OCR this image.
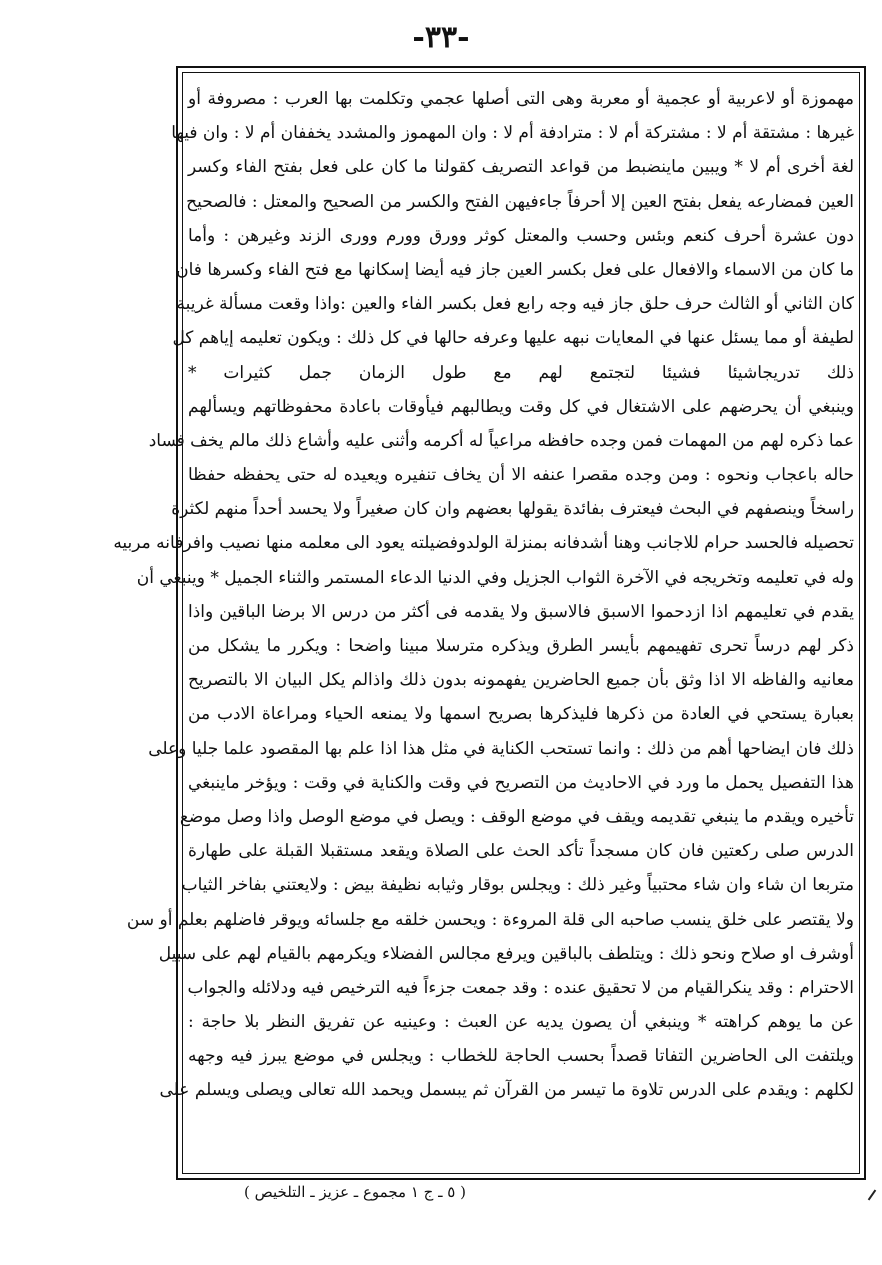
-٣٣-
مهموزة أو لاعربية أو عجمية أو معربة وهى التى أصلها عجمي وتكلمت بها العرب : مصروفة أو
غيرها : مشتقة أم لا : مشتركة أم لا : مترادفة أم لا : وان المهموز والمشدد يخففان أم لا : وان فيها
لغة أخرى أم لا * ويبين ماينضبط من قواعد التصريف كقولنا ما كان على فعل بفتح الفاء وكسر
العين فمضارعه يفعل بفتح العين إلا أحرفاً جاءفيهن الفتح والكسر من الصحيح والمعتل : فالصحيح
دون عشرة أحرف كنعم وبئس وحسب والمعتل كوثر وورق وورم وورى الزند وغيرهن : وأما
ما كان من الاسماء والافعال على فعل بكسر العين جاز فيه أيضا إسكانها مع فتح الفاء وكسرها فان
كان الثاني أو الثالث حرف حلق جاز فيه وجه رابع فعل بكسر الفاء والعين :واذا وقعت مسألة غريبة
لطيفة أو مما يسئل عنها في المعايات نبهه عليها وعرفه حالها في كل ذلك : ويكون تعليمه إياهم كل
ذلك تدريجاشيئا فشيئا لتجتمع لهم مع طول الزمان جمل كثيرات *
وينبغي أن يحرضهم على الاشتغال في كل وقت ويطالبهم فيأوقات باعادة محفوظاتهم ويسألهم
عما ذكره لهم من المهمات فمن وجده حافظه مراعياً له أكرمه وأثنى عليه وأشاع ذلك مالم يخف فساد
حاله باعجاب ونحوه : ومن وجده مقصرا عنفه الا أن يخاف تنفيره ويعيده له حتى يحفظه حفظا
راسخاً وينصفهم في البحث فيعترف بفائدة يقولها بعضهم وان كان صغيراً ولا يحسد أحداً منهم لكثرة
تحصيله فالحسد حرام للاجانب وهنا أشدفانه بمنزلة الولدوفضيلته يعود الى معلمه منها نصيب وافرفانه مربيه
وله في تعليمه وتخريجه في الآخرة الثواب الجزيل وفي الدنيا الدعاء المستمر والثناء الجميل * وينبغي أن
يقدم في تعليمهم اذا ازدحموا الاسبق فالاسبق ولا يقدمه فى أكثر من درس الا برضا الباقين واذا
ذكر لهم درساً تحرى تفهيمهم بأيسر الطرق ويذكره مترسلا مبينا واضحا : ويكرر ما يشكل من
معانيه والفاظه الا اذا وثق بأن جميع الحاضرين يفهمونه بدون ذلك واذالم يكل البيان الا بالتصريح
بعبارة يستحي في العادة من ذكرها فليذكرها بصريح اسمها ولا يمنعه الحياء ومراعاة الادب من
ذلك فان ايضاحها أهم من ذلك : وانما تستحب الكناية في مثل هذا اذا علم بها المقصود علما جليا وعلى
هذا التفصيل يحمل ما ورد في الاحاديث من التصريح في وقت والكناية في وقت : ويؤخر ماينبغي
تأخيره ويقدم ما ينبغي تقديمه ويقف في موضع الوقف : ويصل في موضع الوصل واذا وصل موضع
الدرس صلى ركعتين فان كان مسجداً تأكد الحث على الصلاة ويقعد مستقبلا القبلة على طهارة
متربعا ان شاء وان شاء محتبياً وغير ذلك : ويجلس بوقار وثيابه نظيفة بيض : ولايعتني بفاخر الثياب
ولا يقتصر على خلق ينسب صاحبه الى قلة المروءة : ويحسن خلقه مع جلسائه ويوقر فاضلهم بعلم أو سن
أوشرف او صلاح ونحو ذلك : ويتلطف بالباقين ويرفع مجالس الفضلاء ويكرمهم بالقيام لهم على سبيل
الاحترام : وقد ينكرالقيام من لا تحقيق عنده : وقد جمعت جزءاً فيه الترخيص فيه ودلائله والجواب
عن ما يوهم كراهته * وينبغي أن يصون يديه عن العبث : وعينيه عن تفريق النظر بلا حاجة :
ويلتفت الى الحاضرين التفاتا قصداً بحسب الحاجة للخطاب : ويجلس في موضع يبرز فيه وجهه
لكلهم : ويقدم على الدرس تلاوة ما تيسر من القرآن ثم يبسمل ويحمد الله تعالى ويصلى ويسلم على
( ٥ ـ ج ١ مجموع ـ عزيز ـ التلخيص )
